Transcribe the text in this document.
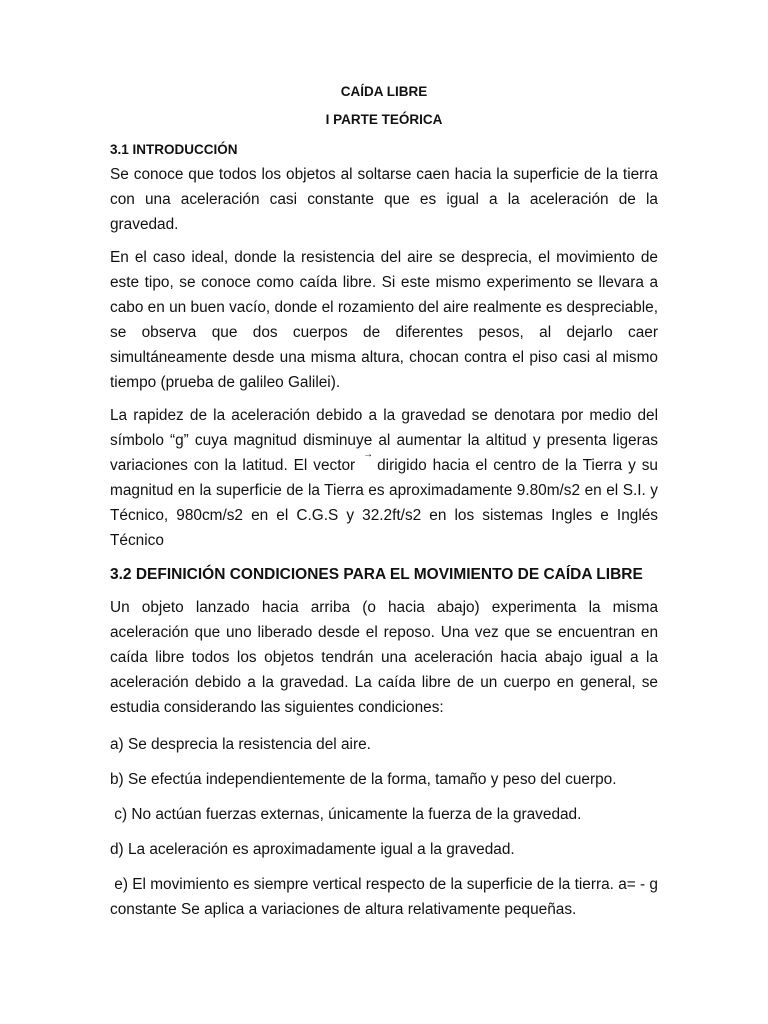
CAÍDA LIBRE
I PARTE TEÓRICA
3.1 INTRODUCCIÓN

Se conoce que todos los objetos al soltarse caen hacia la superficie de la tierra con una aceleración casi constante que es igual a la aceleración de la gravedad.

En el caso ideal, donde la resistencia del aire se desprecia, el movimiento de este tipo, se conoce como caída libre. Si este mismo experimento se llevara a cabo en un buen vacío, donde el rozamiento del aire realmente es despreciable, se observa que dos cuerpos de diferentes pesos, al dejarlo caer simultáneamente desde una misma altura, chocan contra el piso casi al mismo tiempo (prueba de galileo Galilei).

La rapidez de la aceleración debido a la gravedad se denotara por medio del símbolo “g” cuya magnitud disminuye al aumentar la altitud y presenta ligeras variaciones con la latitud. El vector → dirigido hacia el centro de la Tierra y su magnitud en la superficie de la Tierra es aproximadamente 9.80m/s2 en el S.I. y Técnico, 980cm/s2 en el C.G.S y 32.2ft/s2 en los sistemas Ingles e Inglés Técnico

3.2 DEFINICIÓN CONDICIONES PARA EL MOVIMIENTO DE CAÍDA LIBRE

Un objeto lanzado hacia arriba (o hacia abajo) experimenta la misma aceleración que uno liberado desde el reposo. Una vez que se encuentran en caída libre todos los objetos tendrán una aceleración hacia abajo igual a la aceleración debido a la gravedad. La caída libre de un cuerpo en general, se estudia considerando las siguientes condiciones:

a) Se desprecia la resistencia del aire.

b) Se efectúa independientemente de la forma, tamaño y peso del cuerpo.

c) No actúan fuerzas externas, únicamente la fuerza de la gravedad.

d) La aceleración es aproximadamente igual a la gravedad.

e) El movimiento es siempre vertical respecto de la superficie de la tierra. a= - g constante Se aplica a variaciones de altura relativamente pequeñas.
